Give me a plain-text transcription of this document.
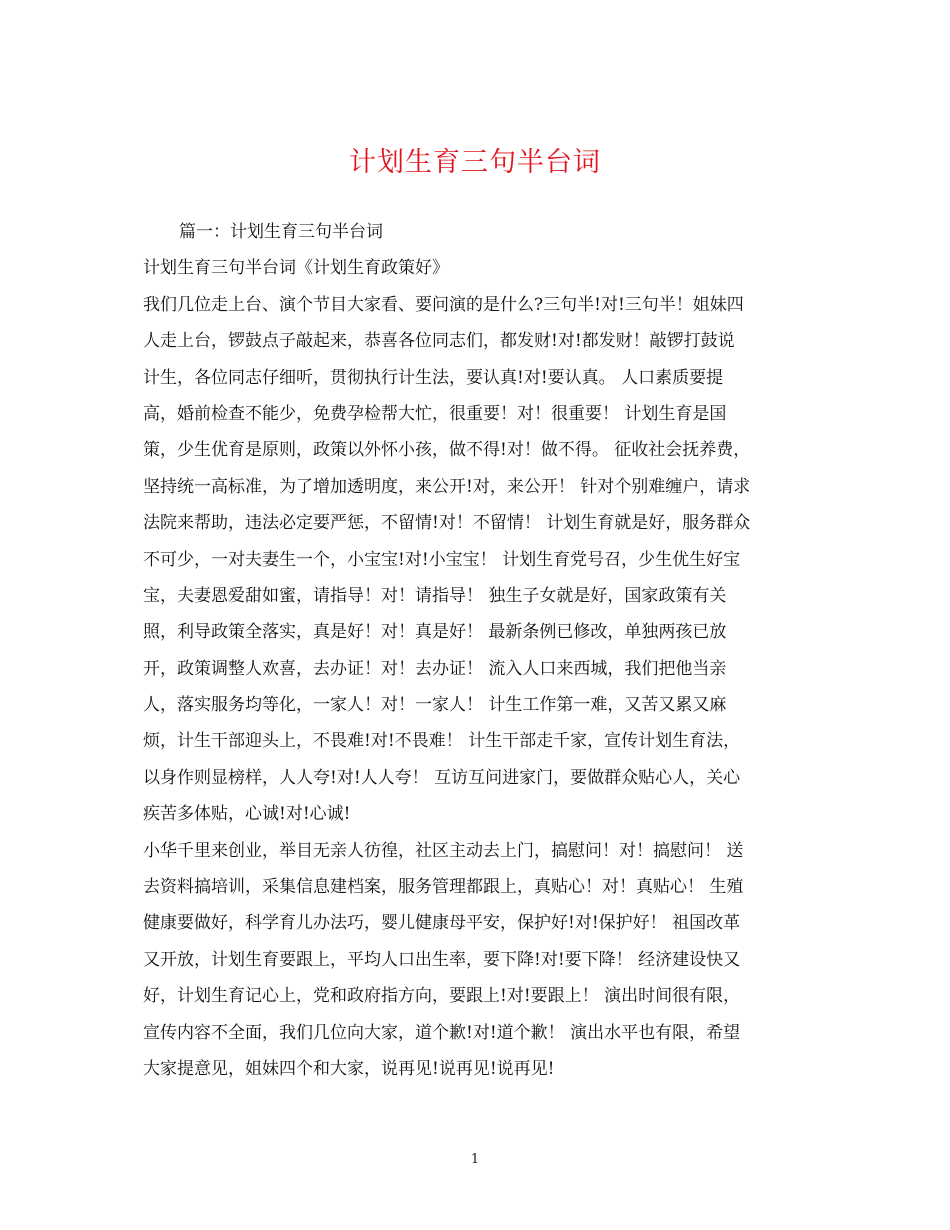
计划生育三句半台词
篇一：计划生育三句半台词
计划生育三句半台词《计划生育政策好》
我们几位走上台、演个节目大家看、要问演的是什么?三句半!对!三句半！姐妹四
人走上台，锣鼓点子敲起来，恭喜各位同志们，都发财!对!都发财！敲锣打鼓说
计生，各位同志仔细听，贯彻执行计生法，要认真!对!要认真。 人口素质要提
高，婚前检查不能少，免费孕检帮大忙，很重要！对！很重要！ 计划生育是国
策，少生优育是原则，政策以外怀小孩，做不得!对！做不得。 征收社会抚养费，
坚持统一高标准，为了增加透明度，来公开!对，来公开！ 针对个别难缠户，请求
法院来帮助，违法必定要严惩，不留情!对！不留情！ 计划生育就是好，服务群众
不可少，一对夫妻生一个，小宝宝!对!小宝宝！ 计划生育党号召，少生优生好宝
宝，夫妻恩爱甜如蜜，请指导！对！请指导！ 独生子女就是好，国家政策有关
照，利导政策全落实，真是好！对！真是好！ 最新条例已修改，单独两孩已放
开，政策调整人欢喜，去办证！对！去办证！ 流入人口来西城，我们把他当亲
人，落实服务均等化，一家人！对！一家人！ 计生工作第一难，又苦又累又麻
烦，计生干部迎头上，不畏难!对!不畏难！ 计生干部走千家，宣传计划生育法，
以身作则显榜样，人人夸!对!人人夸！ 互访互问进家门，要做群众贴心人，关心
疾苦多体贴，心诚!对!心诚!
小华千里来创业，举目无亲人彷徨，社区主动去上门，搞慰问！对！搞慰问！ 送
去资料搞培训，采集信息建档案，服务管理都跟上，真贴心！对！真贴心！ 生殖
健康要做好，科学育儿办法巧，婴儿健康母平安，保护好!对!保护好！ 祖国改革
又开放，计划生育要跟上，平均人口出生率，要下降!对!要下降！ 经济建设快又
好，计划生育记心上，党和政府指方向，要跟上!对!要跟上！ 演出时间很有限，
宣传内容不全面，我们几位向大家，道个歉!对!道个歉！ 演出水平也有限，希望
大家提意见，姐妹四个和大家，说再见!说再见!说再见!
1
